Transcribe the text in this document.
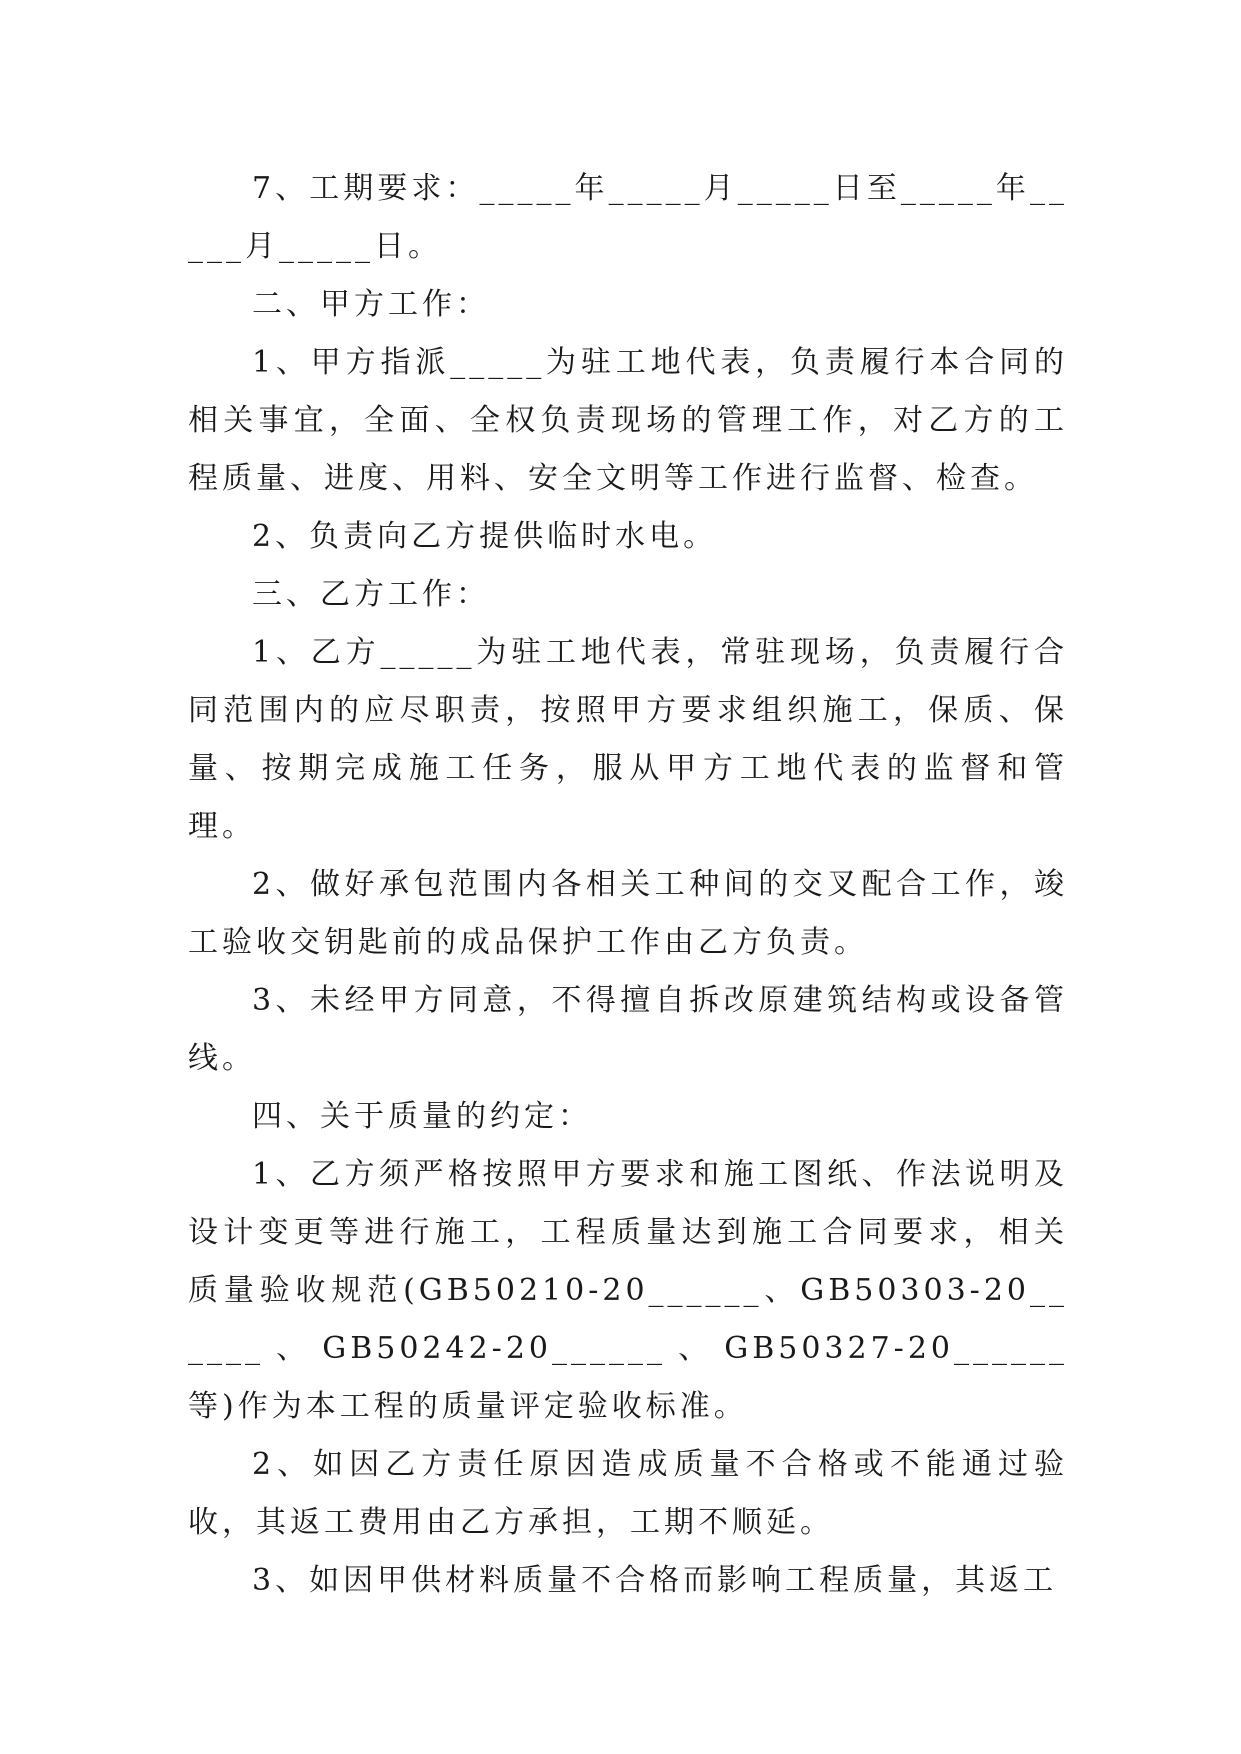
7、工期要求：_____年_____月_____日至_____年_____月_____日。

二、甲方工作：

1、甲方指派_____为驻工地代表，负责履行本合同的相关事宜，全面、全权负责现场的管理工作，对乙方的工程质量、进度、用料、安全文明等工作进行监督、检查。

2、负责向乙方提供临时水电。

三、乙方工作：

1、乙方_____为驻工地代表，常驻现场，负责履行合同范围内的应尽职责，按照甲方要求组织施工，保质、保量、按期完成施工任务，服从甲方工地代表的监督和管理。

2、做好承包范围内各相关工种间的交叉配合工作，竣工验收交钥匙前的成品保护工作由乙方负责。

3、未经甲方同意，不得擅自拆改原建筑结构或设备管线。

四、关于质量的约定：

1、乙方须严格按照甲方要求和施工图纸、作法说明及设计变更等进行施工，工程质量达到施工合同要求，相关质量验收规范(GB50210-20______、GB50303-20______、GB50242-20______、GB50327-20______等)作为本工程的质量评定验收标准。

2、如因乙方责任原因造成质量不合格或不能通过验收，其返工费用由乙方承担，工期不顺延。

3、如因甲供材料质量不合格而影响工程质量，其返工
